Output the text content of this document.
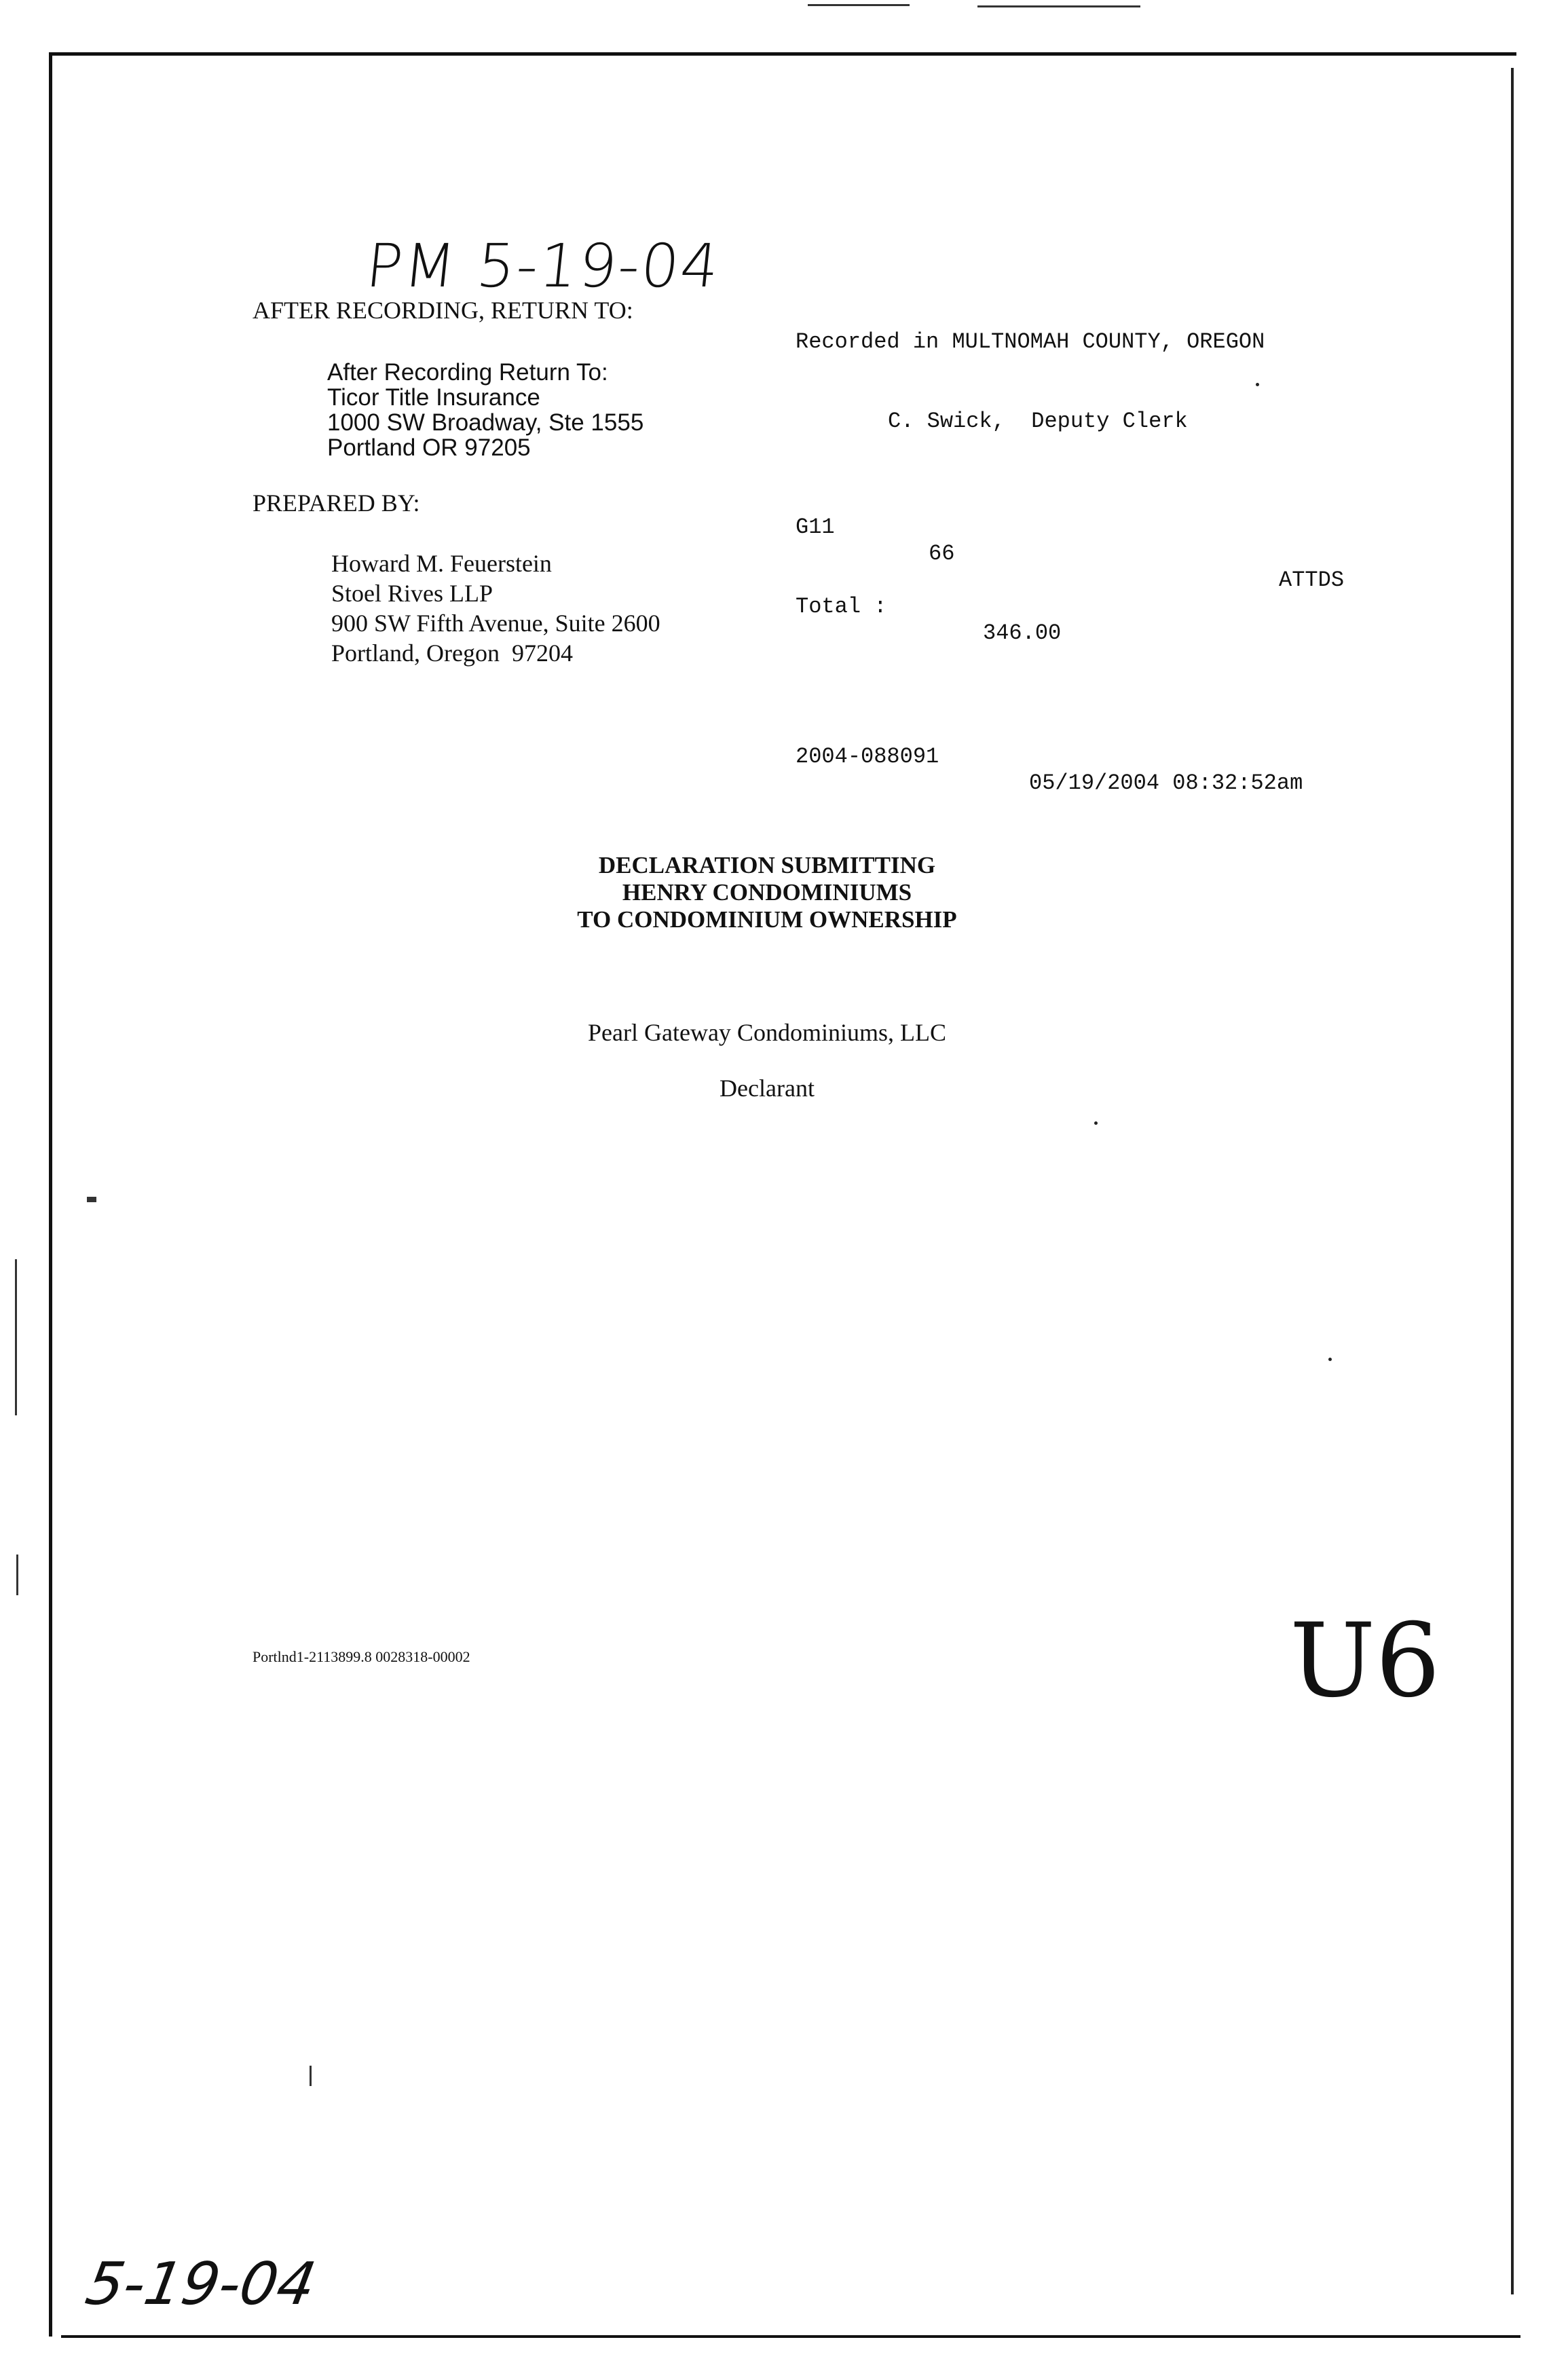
PM 5-19-04
U6
5-19-04
AFTER RECORDING, RETURN TO:
After Recording Return To:
Ticor Title Insurance
1000 SW Broadway, Ste 1555
Portland OR 97205

Recorded in MULTNOMAH COUNTY, OREGON

C. Swick,  Deputy Clerk

G11

66

ATTDS

Total :

346.00

2004-088091

05/19/2004 08:32:52am

PREPARED BY:
Howard M. Feuerstein
Stoel Rives LLP
900 SW Fifth Avenue, Suite 2600
Portland, Oregon  97204
DECLARATION SUBMITTING
HENRY CONDOMINIUMS
TO CONDOMINIUM OWNERSHIP
Pearl Gateway Condominiums, LLC
Declarant
Portlnd1-2113899.8 0028318-00002
